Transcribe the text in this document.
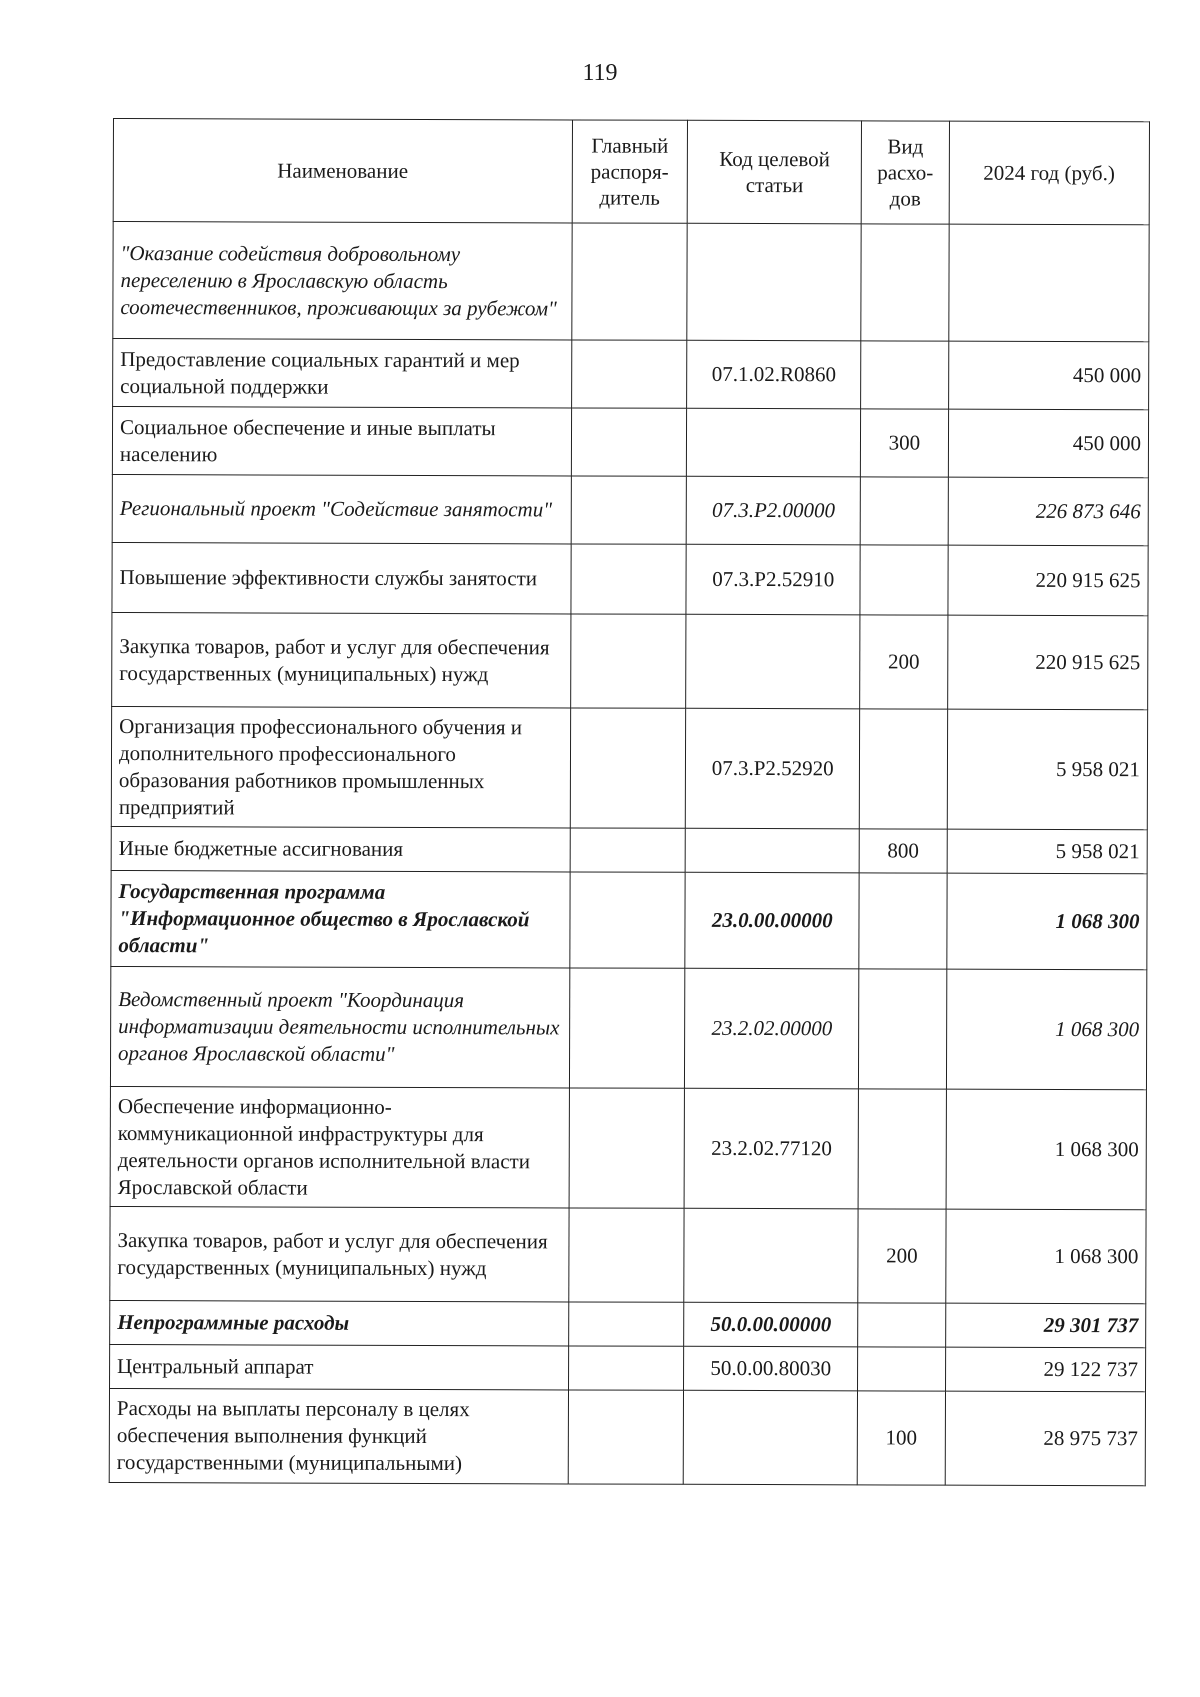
119
Наименование	Главный распоря-дитель	Код целевой статьи	Вид расхо-дов	2024 год (руб.)
"Оказание содействия добровольному переселению в Ярославскую область соотечественников, проживающих за рубежом"				
Предоставление социальных гарантий и мер социальной поддержки		07.1.02.R0860		450 000
Социальное обеспечение и иные выплаты населению			300	450 000
Региональный проект "Содействие занятости"		07.3.Р2.00000		226 873 646
Повышение эффективности службы занятости		07.3.Р2.52910		220 915 625
Закупка товаров, работ и услуг для обеспечения государственных (муниципальных) нужд			200	220 915 625
Организация профессионального обучения и дополнительного профессионального образования работников промышленных предприятий		07.3.Р2.52920		5 958 021
Иные бюджетные ассигнования			800	5 958 021
Государственная программа "Информационное общество в Ярославской области"		23.0.00.00000		1 068 300
Ведомственный проект "Координация информатизации деятельности исполнительных органов Ярославской области"		23.2.02.00000		1 068 300
Обеспечение информационно-коммуникационной инфраструктуры для деятельности органов исполнительной власти Ярославской области		23.2.02.77120		1 068 300
Закупка товаров, работ и услуг для обеспечения государственных (муниципальных) нужд			200	1 068 300
Непрограммные расходы		50.0.00.00000		29 301 737
Центральный аппарат		50.0.00.80030		29 122 737
Расходы на выплаты персоналу в целях обеспечения выполнения функций государственными (муниципальными)			100	28 975 737
